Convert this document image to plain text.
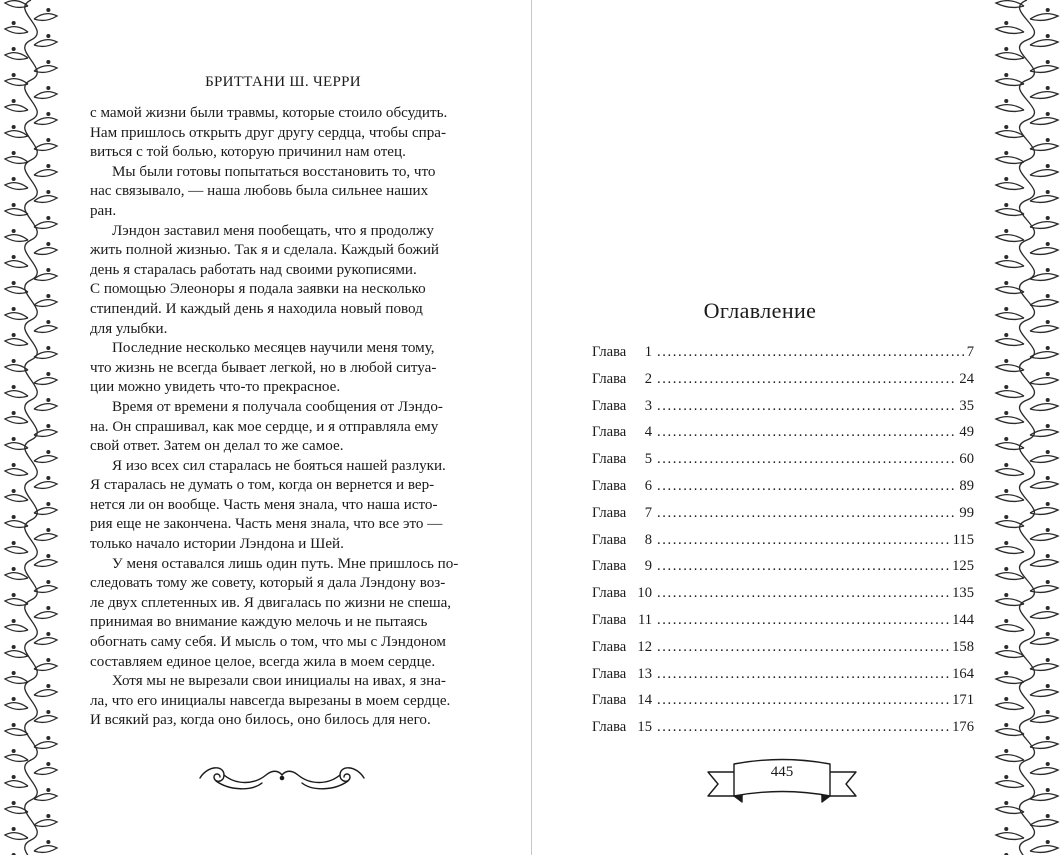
БРИТТАНИ Ш. ЧЕРРИ

с мамой жизни были травмы, которые стоило обсудить.

Нам пришлось открыть друг другу сердца, чтобы спра-

виться с той болью, которую причинил нам отец.

Мы были готовы попытаться восстановить то, что

нас связывало, — наша любовь была сильнее наших

ран.

Лэндон заставил меня пообещать, что я продолжу

жить полной жизнью. Так я и сделала. Каждый божий

день я старалась работать над своими рукописями.

С помощью Элеоноры я подала заявки на несколько

стипендий. И каждый день я находила новый повод

для улыбки.

Последние несколько месяцев научили меня тому,

что жизнь не всегда бывает легкой, но в любой ситуа-

ции можно увидеть что-то прекрасное.

Время от времени я получала сообщения от Лэндо-

на. Он спрашивал, как мое сердце, и я отправляла ему

свой ответ. Затем он делал то же самое.

Я изо всех сил старалась не бояться нашей разлуки.

Я старалась не думать о том, когда он вернется и вер-

нется ли он вообще. Часть меня знала, что наша исто-

рия еще не закончена. Часть меня знала, что все это —

только начало истории Лэндона и Шей.

У меня оставался лишь один путь. Мне пришлось по-

следовать тому же совету, который я дала Лэндону воз-

ле двух сплетенных ив. Я двигалась по жизни не спеша,

принимая во внимание каждую мелочь и не пытаясь

обогнать саму себя. И мысль о том, что мы с Лэндоном

составляем единое целое, всегда жила в моем сердце.

Хотя мы не вырезали свои инициалы на ивах, я зна-

ла, что его инициалы навсегда вырезаны в моем сердце.

И всякий раз, когда оно билось, оно билось для него.

Оглавление
Глава	1 .....	7
Глава	2 .....	24
Глава	3 .....	35
Глава	4 .....	49
Глава	5 .....	60
Глава	6 .....	89
Глава	7 .....	99
Глава	8 .....	115
Глава	9 .....	125
Глава 10 .....	135
Глава 11 .....	144
Глава 12 .....	158
Глава 13 .....	164
Глава 14 .....	171
Глава 15 .....	176
445
